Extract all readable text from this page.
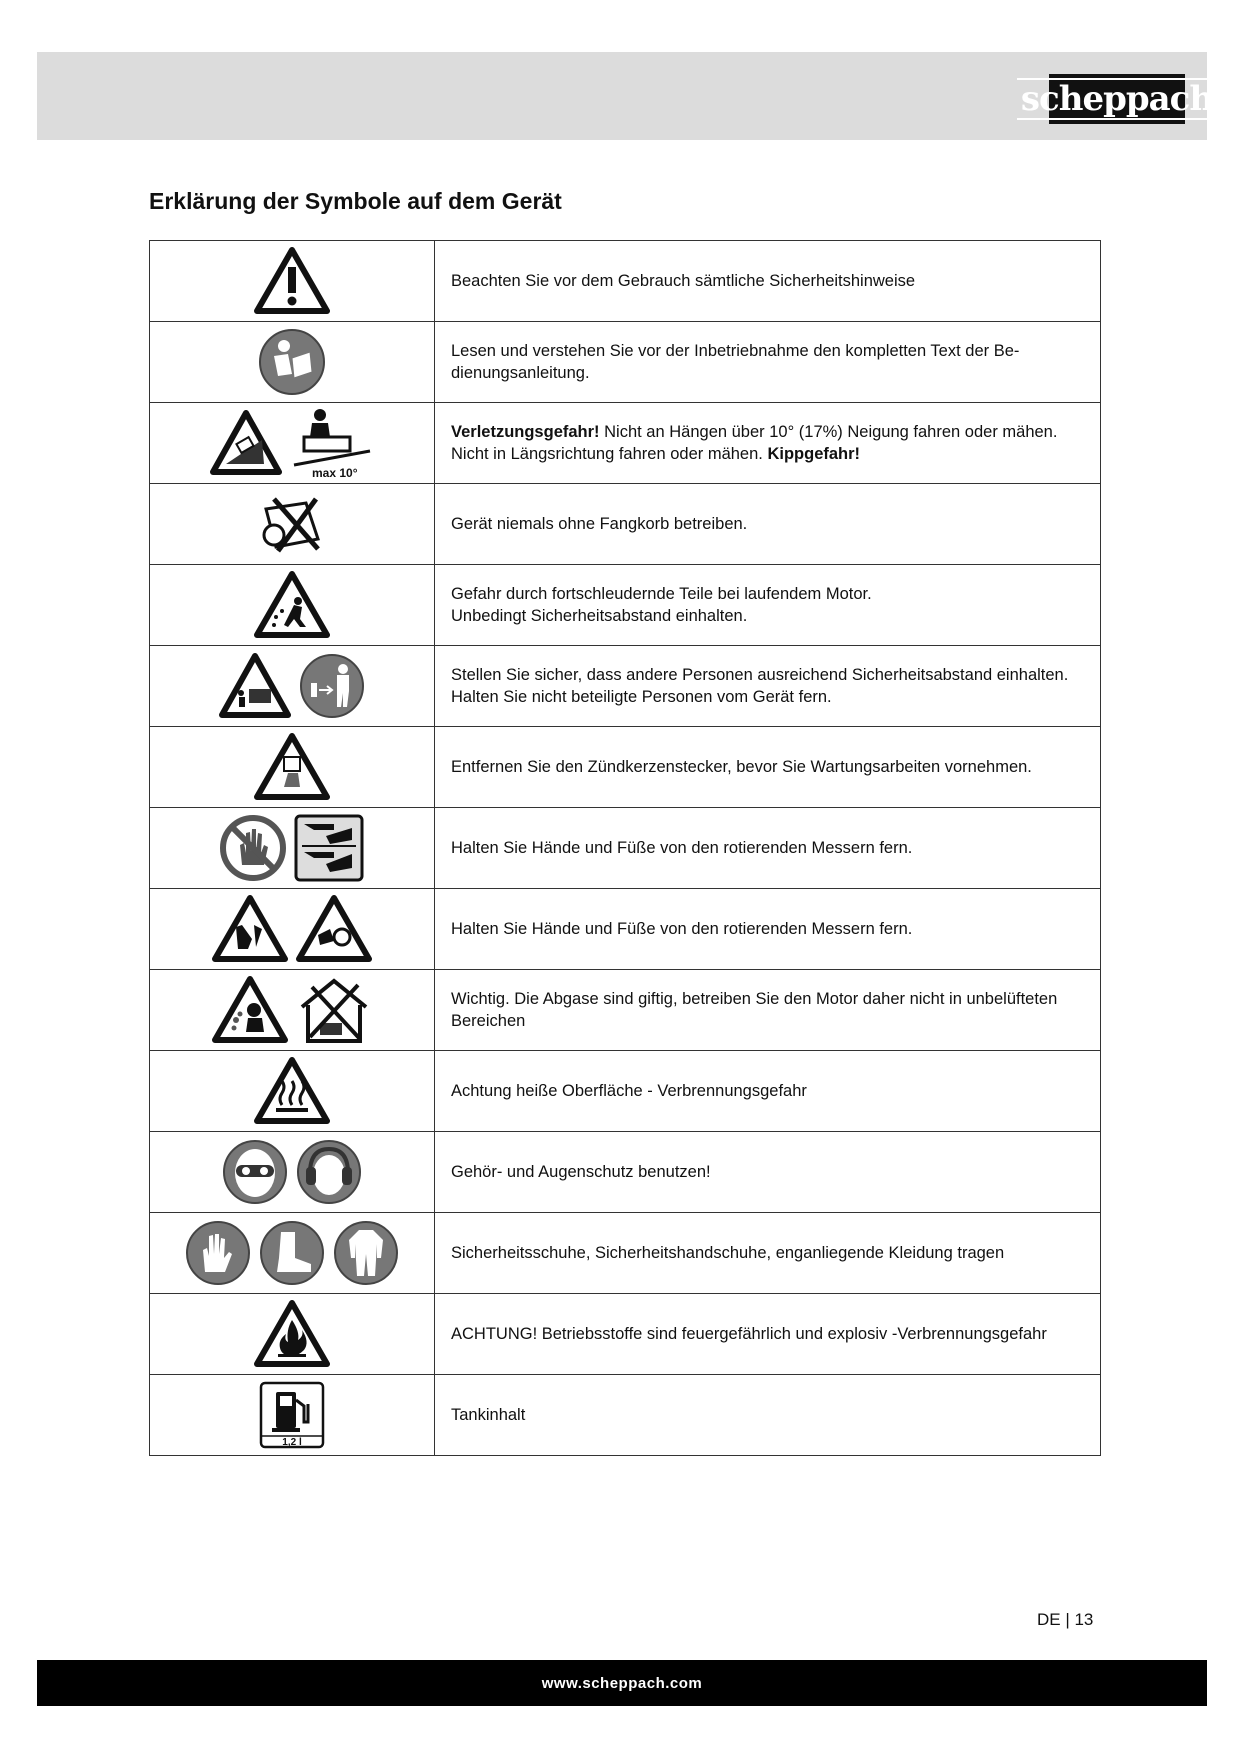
scheppach
Erklärung der Symbole auf dem Gerät
	Beachten Sie vor dem Gebrauch sämtliche Sicherheitshinweise
	Lesen und verstehen Sie vor der Inbetriebnahme den kompletten Text der Bedienungsanleitung.

max 10°	Verletzungsgefahr! Nicht an Hängen über 10° (17%) Neigung fahren oder mähen. Nicht in Längsrichtung fahren oder mähen. Kippgefahr!
	Gerät niemals ohne Fangkorb betreiben.

Gefahr durch fortschleudernde Teile bei laufendem Motor.
Unbedingt Sicherheitsabstand einhalten.

	Stellen Sie sicher, dass andere Personen ausreichend Sicherheitsabstand einhalten. Halten Sie nicht beteiligte Personen vom Gerät fern.
	Entfernen Sie den Zündkerzenstecker, bevor Sie Wartungsarbeiten vornehmen.
	Halten Sie Hände und Füße von den rotierenden Messern fern.
	Halten Sie Hände und Füße von den rotierenden Messern fern.
	Wichtig. Die Abgase sind giftig, betreiben Sie den Motor daher nicht in unbelüfteten Bereichen
	Achtung heiße Oberfläche - Verbrennungsgefahr
	Gehör- und Augenschutz benutzen!
	Sicherheitsschuhe, Sicherheitshandschuhe, enganliegende Kleidung tragen
	ACHTUNG! Betriebsstoffe sind feuergefährlich und explosiv -Verbrennungsgefahr

1,2 l	Tankinhalt
DE | 13
www.scheppach.com
